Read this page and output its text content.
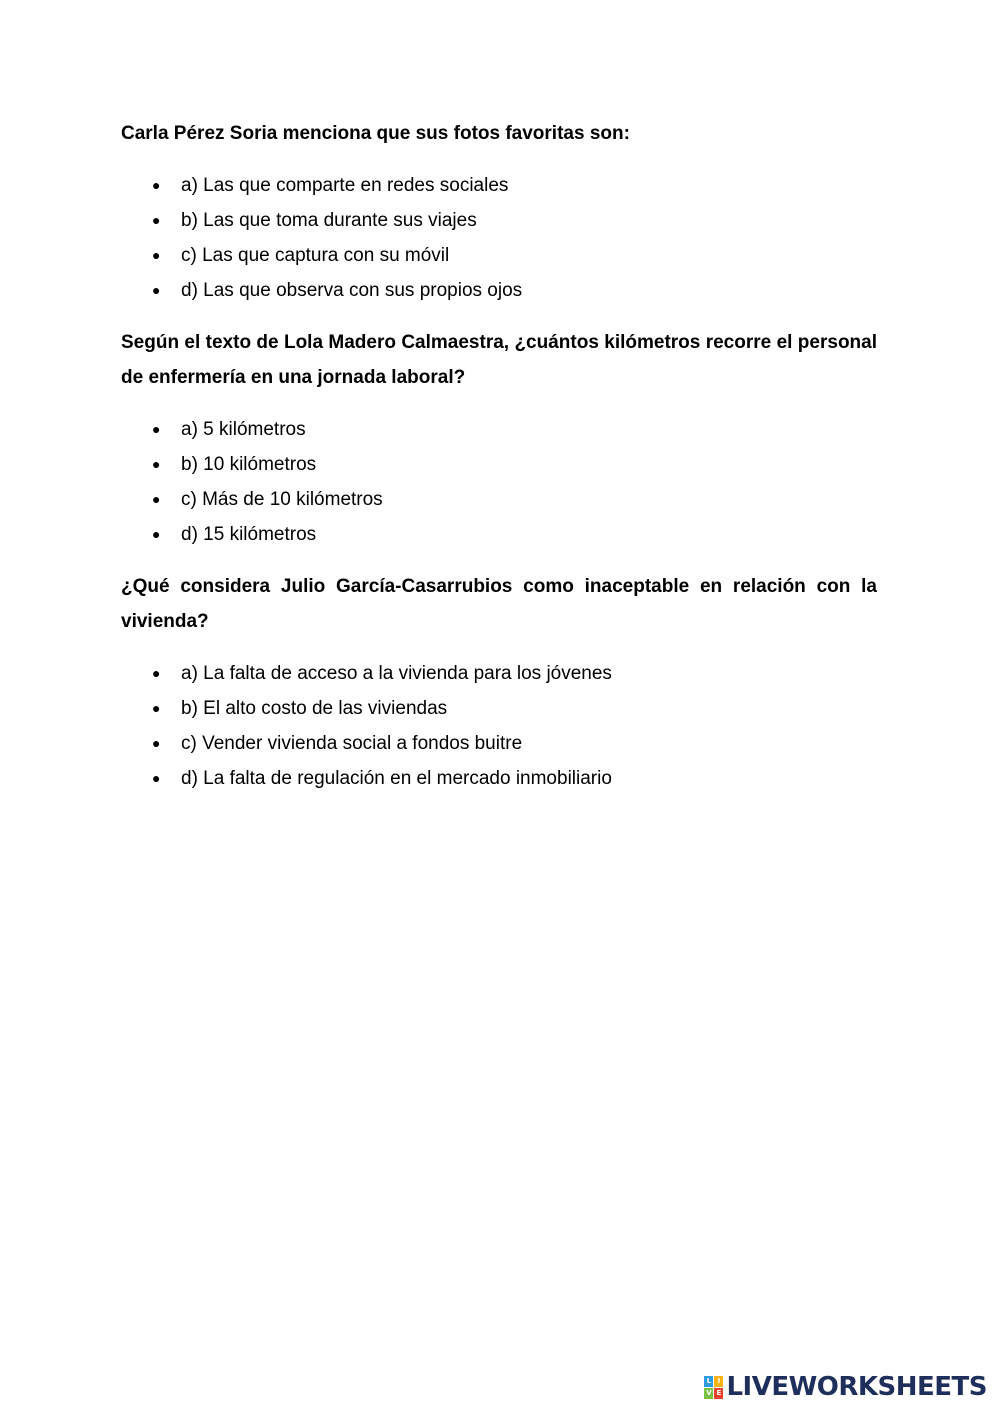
Carla Pérez Soria menciona que sus fotos favoritas son:

● a) Las que comparte en redes sociales
● b) Las que toma durante sus viajes
● c) Las que captura con su móvil
● d) Las que observa con sus propios ojos

Según el texto de Lola Madero Calmaestra, ¿cuántos kilómetros recorre el personal de enfermería en una jornada laboral?

● a) 5 kilómetros
● b) 10 kilómetros
● c) Más de 10 kilómetros
● d) 15 kilómetros

¿Qué considera Julio García-Casarrubios como inaceptable en relación con la vivienda?

● a) La falta de acceso a la vivienda para los jóvenes
● b) El alto costo de las viviendas
● c) Vender vivienda social a fondos buitre
● d) La falta de regulación en el mercado inmobiliario
L I
V E LIVEWORKSHEETS
